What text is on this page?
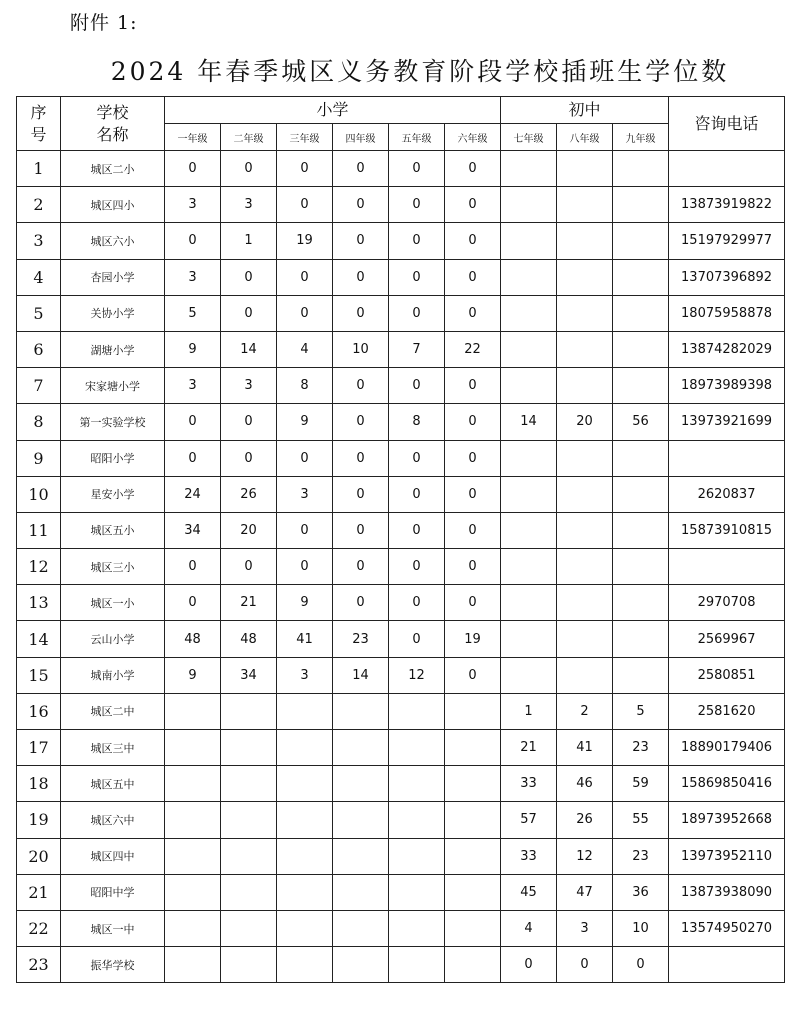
附件 1:
2024 年春季城区义务教育阶段学校插班生学位数
序
号	学校
名称	小学						初中			咨询电话
		一年级	二年级	三年级	四年级	五年级	六年级	七年级	八年级	九年级	
1	城区二小	0	0	0	0	0	0				
2	城区四小	3	3	0	0	0	0				13873919822
3	城区六小	0	1	19	0	0	0				15197929977
4	杏园小学	3	0	0	0	0	0				13707396892
5	关协小学	5	0	0	0	0	0				18075958878
6	湖塘小学	9	14	4	10	7	22				13874282029
7	宋家塘小学	3	3	8	0	0	0				18973989398
8	第一实验学校	0	0	9	0	8	0	14	20	56	13973921699
9	昭阳小学	0	0	0	0	0	0				
10	星安小学	24	26	3	0	0	0				2620837
11	城区五小	34	20	0	0	0	0				15873910815
12	城区三小	0	0	0	0	0	0				
13	城区一小	0	21	9	0	0	0				2970708
14	云山小学	48	48	41	23	0	19				2569967
15	城南小学	9	34	3	14	12	0				2580851
16	城区二中							1	2	5	2581620
17	城区三中							21	41	23	18890179406
18	城区五中							33	46	59	15869850416
19	城区六中							57	26	55	18973952668
20	城区四中							33	12	23	13973952110
21	昭阳中学							45	47	36	13873938090
22	城区一中							4	3	10	13574950270
23	振华学校							0	0	0	
